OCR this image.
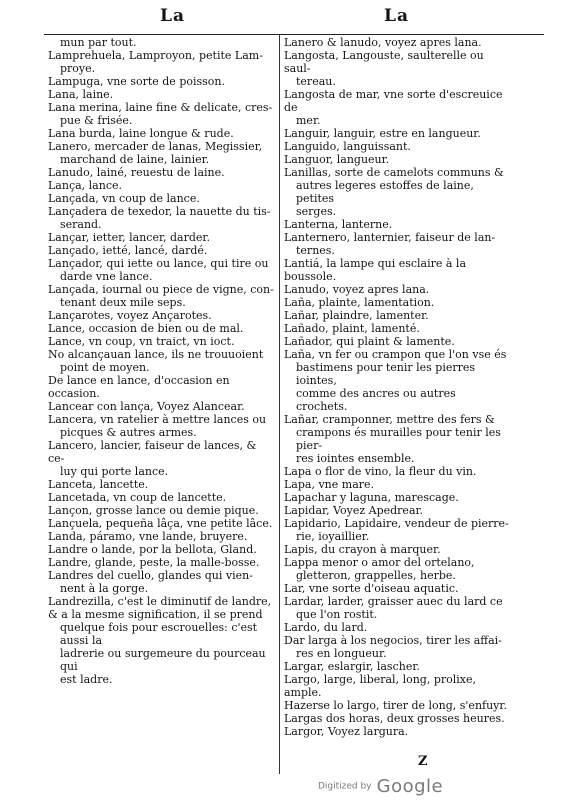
La	La

mun par tout.

Lamprehuela, Lamproyon, petite Lam-

proye.

Lampuga, vne sorte de poisson.

Lana, laine.

Lana merina, laine fine & delicate, cres-

pue & frisée.

Lana burda, laine longue & rude.

Lanero, mercader de lanas, Megissier,

marchand de laine, lainier.

Lanudo, lainé, reuestu de laine.

Lança, lance.

Lançada, vn coup de lance.

Lançadera de texedor, la nauette du tis-

serand.

Lançar, ietter, lancer, darder.

Lançado, ietté, lancé, dardé.

Lançador, qui iette ou lance, qui tire ou

darde vne lance.

Lançada, iournal ou piece de vigne, con-

tenant deux mile seps.

Lançarotes, voyez Ançarotes.

Lance, occasion de bien ou de mal.

Lance, vn coup, vn traict, vn ioct.

No alcançauan lance, ils ne trouuoient

point de moyen.

De lance en lance, d'occasion en occasion.

Lancear con lança, Voyez Alancear.

Lancera, vn ratelier à mettre lances ou

picques & autres armes.

Lancero, lancier, faiseur de lances, & ce-

luy qui porte lance.

Lanceta, lancette.

Lancetada, vn coup de lancette.

Lançon, grosse lance ou demie pique.

Lançuela, pequeña lâça, vne petite lâce.

Landa, páramo, vne lande, bruyere.

Landre o lande, por la bellota, Gland.

Landre, glande, peste, la malle-bosse.

Landres del cuello, glandes qui vien-

nent à la gorge.

Landrezilla, c'est le diminutif de landre,

& a la mesme signification, il se prend

quelque fois pour escrouelles: c'est aussi la

ladrerie ou surgemeure du pourceau qui

est ladre.

Lanero & lanudo, voyez apres lana.

Langosta, Langouste, saulterelle ou saul-

tereau.

Langosta de mar, vne sorte d'escreuice de

mer.

Languir, languir, estre en langueur.

Languido, languissant.

Languor, langueur.

Lanillas, sorte de camelots communs &

autres legeres estoffes de laine, petites

serges.

Lanterna, lanterne.

Lanternero, lanternier, faiseur de lan-

ternes.

Lantiá, la lampe qui esclaire à la boussole.

Lanudo, voyez apres lana.

Laña, plainte, lamentation.

Lañar, plaindre, lamenter.

Lañado, plaint, lamenté.

Lañador, qui plaint & lamente.

Laña, vn fer ou crampon que l'on vse és

bastimens pour tenir les pierres iointes,

comme des ancres ou autres crochets.

Lañar, cramponner, mettre des fers &

crampons és murailles pour tenir les pier-

res iointes ensemble.

Lapa o flor de vino, la fleur du vin.

Lapa, vne mare.

Lapachar y laguna, marescage.

Lapidar, Voyez Apedrear.

Lapidario, Lapidaire, vendeur de pierre-

rie, ioyaillier.

Lapis, du crayon à marquer.

Lappa menor o amor del ortelano,

gletteron, grappelles, herbe.

Lar, vne sorte d'oiseau aquatic.

Lardar, larder, graisser auec du lard ce

que l'on rostit.

Lardo, du lard.

Dar larga à los negocios, tirer les affai-

res en longueur.

Largar, eslargir, lascher.

Largo, large, liberal, long, prolixe, ample.

Hazerse lo largo, tirer de long, s'enfuyr.

Largas dos horas, deux grosses heures.

Largor, Voyez largura.

Z
Digitized by Google
